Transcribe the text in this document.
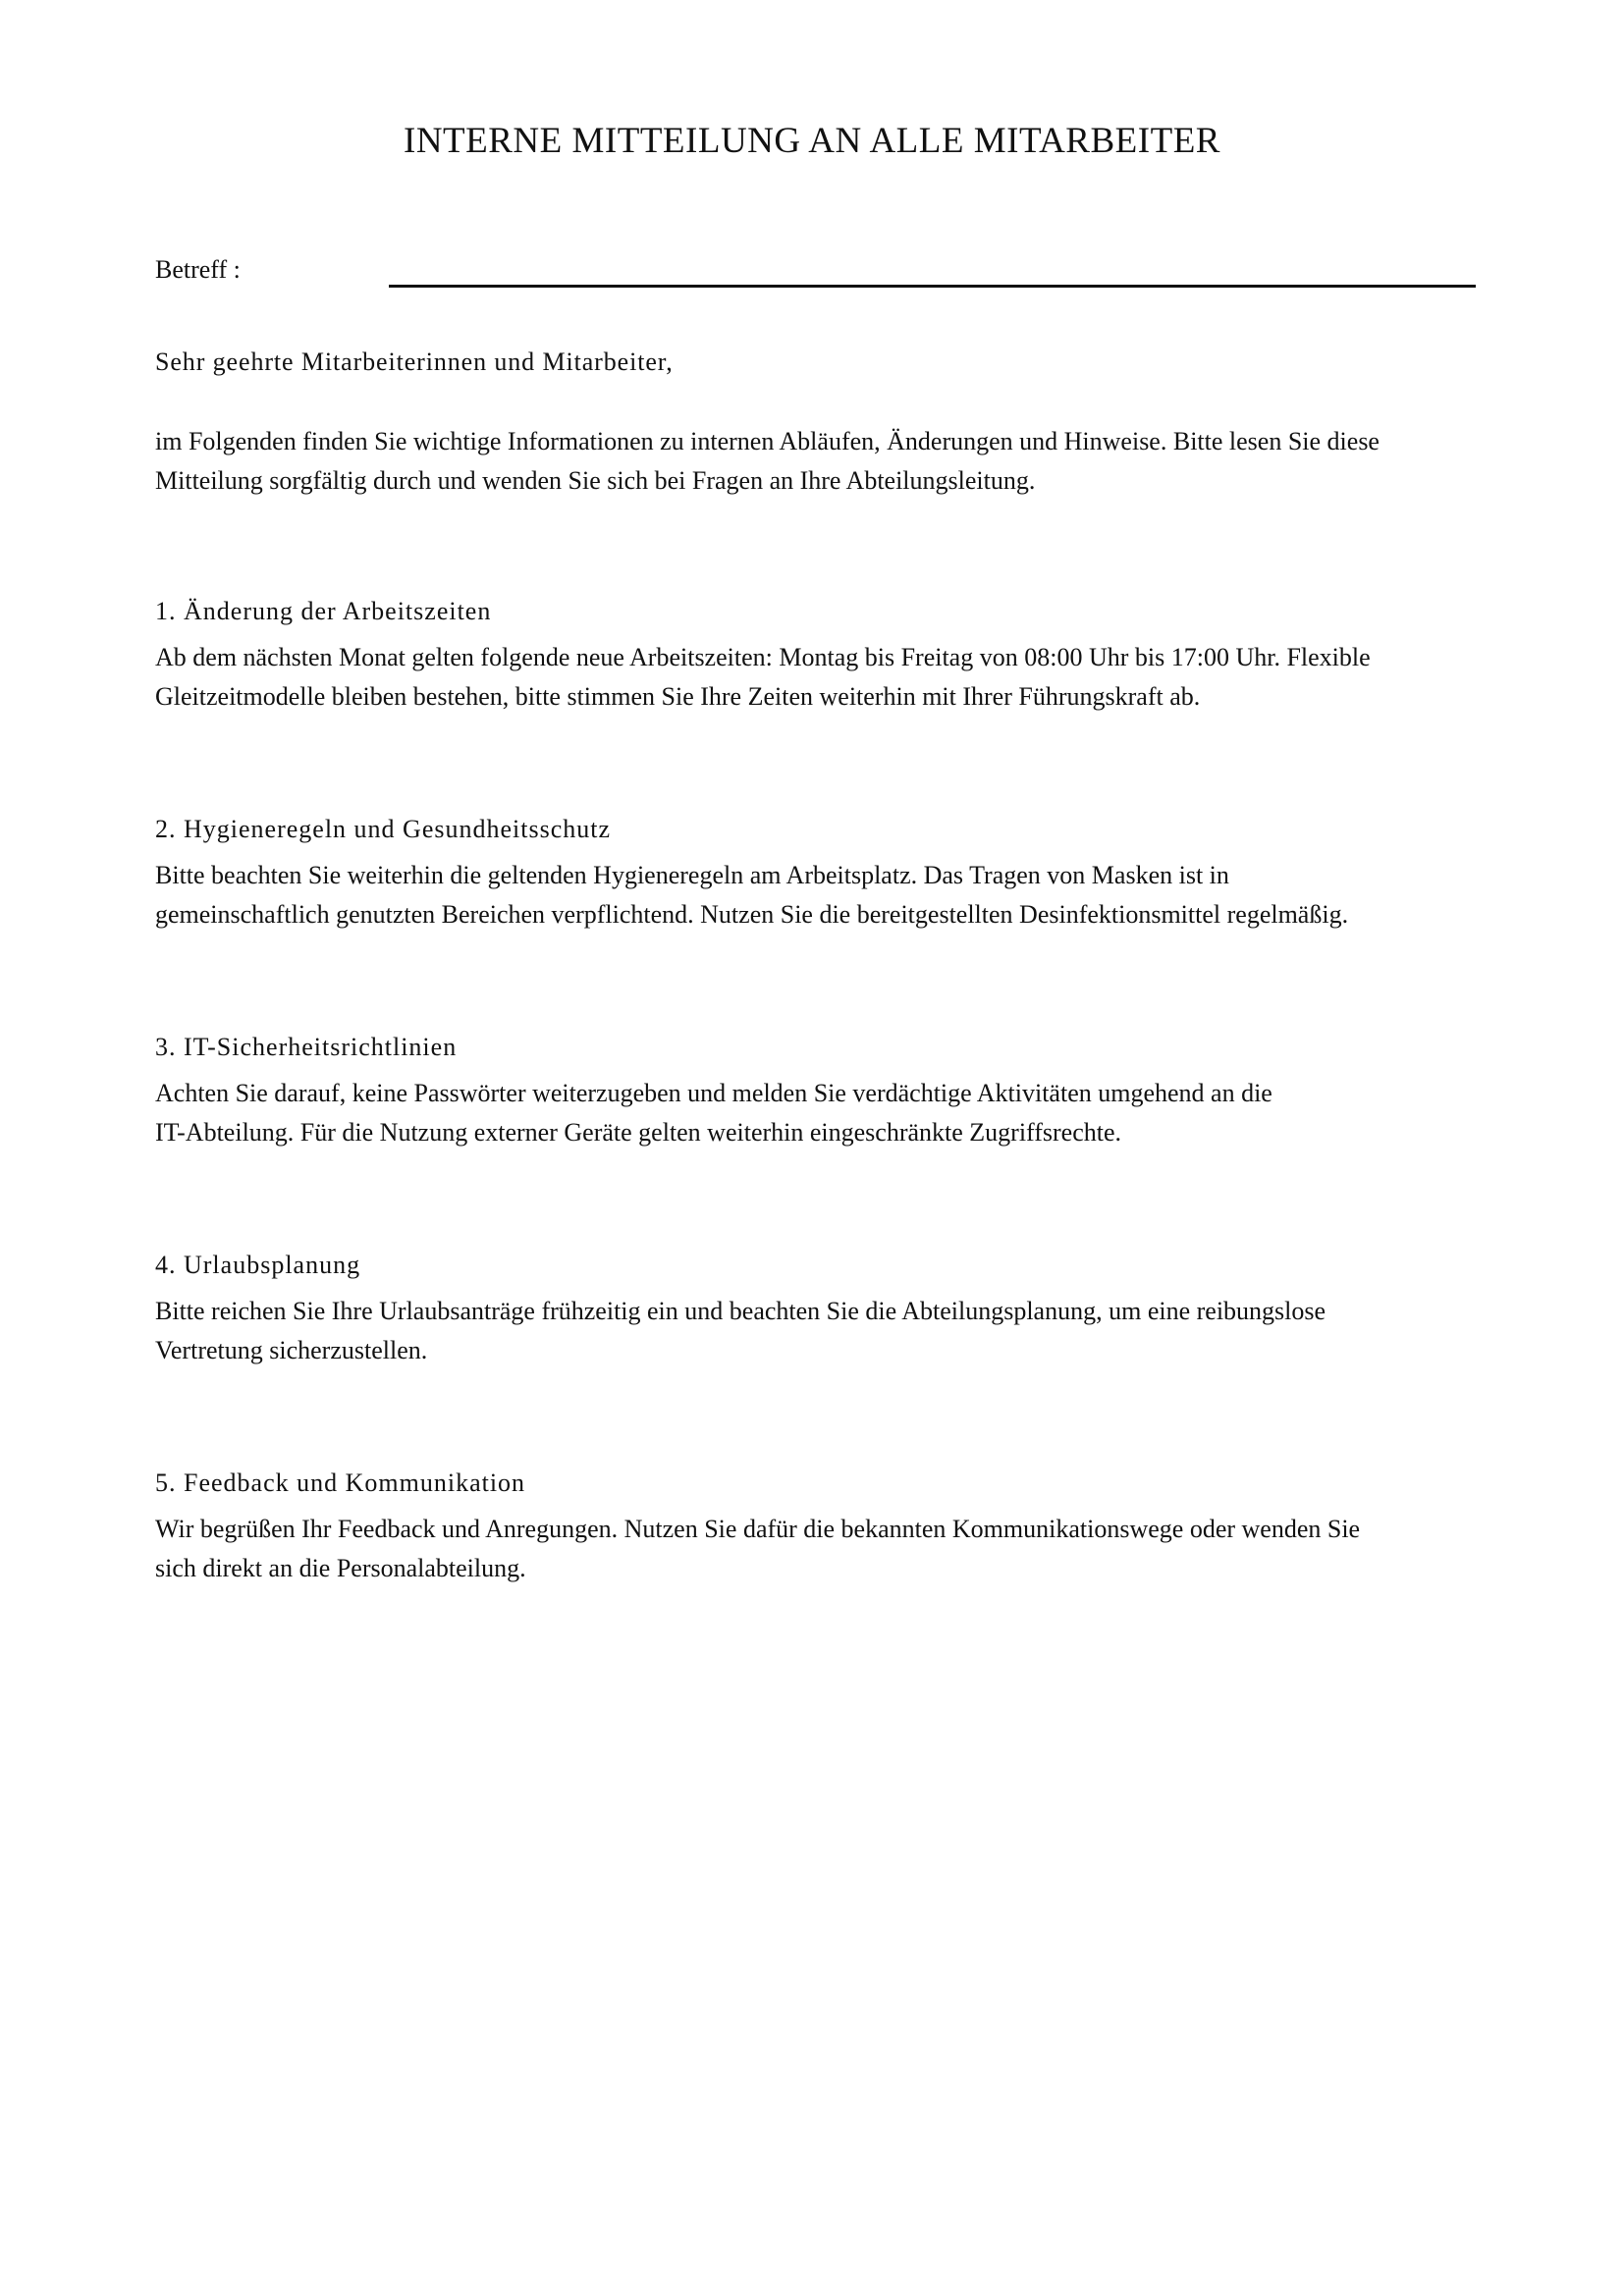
INTERNE MITTEILUNG AN ALLE MITARBEITER
Betreff :
Sehr geehrte Mitarbeiterinnen und Mitarbeiter,
im Folgenden finden Sie wichtige Informationen zu internen Abläufen, Änderungen und Hinweise. Bitte lesen Sie diese
Mitteilung sorgfältig durch und wenden Sie sich bei Fragen an Ihre Abteilungsleitung.
1. Änderung der Arbeitszeiten
Ab dem nächsten Monat gelten folgende neue Arbeitszeiten: Montag bis Freitag von 08:00 Uhr bis 17:00 Uhr. Flexible
Gleitzeitmodelle bleiben bestehen, bitte stimmen Sie Ihre Zeiten weiterhin mit Ihrer Führungskraft ab.
2. Hygieneregeln und Gesundheitsschutz
Bitte beachten Sie weiterhin die geltenden Hygieneregeln am Arbeitsplatz. Das Tragen von Masken ist in
gemeinschaftlich genutzten Bereichen verpflichtend. Nutzen Sie die bereitgestellten Desinfektionsmittel regelmäßig.
3. IT-Sicherheitsrichtlinien
Achten Sie darauf, keine Passwörter weiterzugeben und melden Sie verdächtige Aktivitäten umgehend an die
IT-Abteilung. Für die Nutzung externer Geräte gelten weiterhin eingeschränkte Zugriffsrechte.
4. Urlaubsplanung
Bitte reichen Sie Ihre Urlaubsanträge frühzeitig ein und beachten Sie die Abteilungsplanung, um eine reibungslose
Vertretung sicherzustellen.
5. Feedback und Kommunikation
Wir begrüßen Ihr Feedback und Anregungen. Nutzen Sie dafür die bekannten Kommunikationswege oder wenden Sie
sich direkt an die Personalabteilung.
